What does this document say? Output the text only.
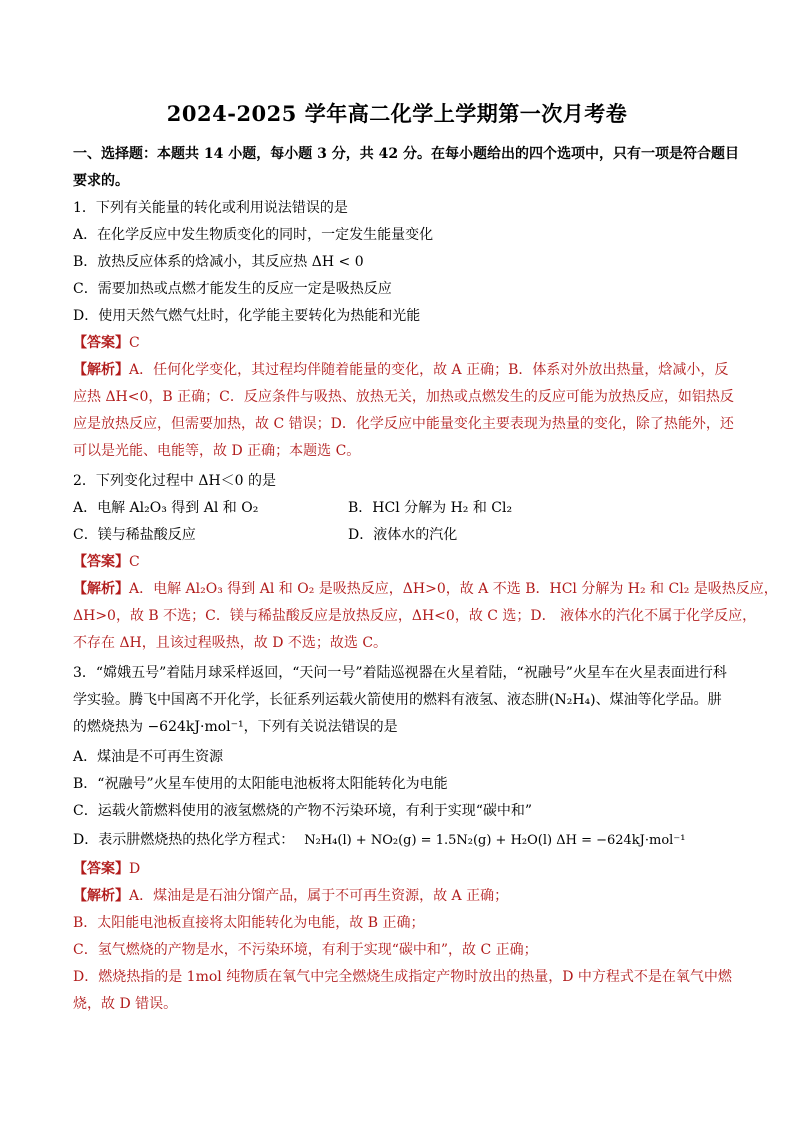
2024-2025 学年高二化学上学期第一次月考卷
一、选择题：本题共 14 小题，每小题 3 分，共 42 分。在每小题给出的四个选项中，只有一项是符合题目
要求的。
1．下列有关能量的转化或利用说法错误的是
A．在化学反应中发生物质变化的同时，一定发生能量变化
B．放热反应体系的焓减小，其反应热 ΔH < 0
C．需要加热或点燃才能发生的反应一定是吸热反应
D．使用天然气燃气灶时，化学能主要转化为热能和光能
【答案】C
【解析】A．任何化学变化，其过程均伴随着能量的变化，故 A 正确；B．体系对外放出热量，焓减小，反
应热 ΔH<0，B 正确；C．反应条件与吸热、放热无关，加热或点燃发生的反应可能为放热反应，如铝热反
应是放热反应，但需要加热，故 C 错误；D．化学反应中能量变化主要表现为热量的变化，除了热能外，还
可以是光能、电能等，故 D 正确；本题选 C。
2．下列变化过程中 ΔH＜0 的是
A．电解 Al₂O₃ 得到 Al 和 O₂	B．HCl 分解为 H₂ 和 Cl₂
C．镁与稀盐酸反应	D．液体水的汽化
【答案】C
【解析】A．电解 Al₂O₃ 得到 Al 和 O₂ 是吸热反应，ΔH>0，故 A 不选 B．HCl 分解为 H₂ 和 Cl₂ 是吸热反应，
ΔH>0，故 B 不选；C．镁与稀盐酸反应是放热反应，ΔH<0，故 C 选；D． 液体水的汽化不属于化学反应，
不存在 ΔH，且该过程吸热，故 D 不选；故选 C。
3．“嫦娥五号”着陆月球采样返回，“天问一号”着陆巡视器在火星着陆，“祝融号”火星车在火星表面进行科
学实验。腾飞中国离不开化学，长征系列运载火箭使用的燃料有液氢、液态肼(N₂H₄)、煤油等化学品。肼
的燃烧热为 −624kJ·mol⁻¹，下列有关说法错误的是
A．煤油是不可再生资源
B．“祝融号”火星车使用的太阳能电池板将太阳能转化为电能
C．运载火箭燃料使用的液氢燃烧的产物不污染环境，有利于实现“碳中和”
D．表示肼燃烧热的热化学方程式： N₂H₄(l) + NO₂(g) = 1.5N₂(g) + H₂O(l) ΔH = −624kJ·mol⁻¹
【答案】D
【解析】A．煤油是是石油分馏产品，属于不可再生资源，故 A 正确；
B．太阳能电池板直接将太阳能转化为电能，故 B 正确；
C．氢气燃烧的产物是水，不污染环境，有利于实现“碳中和”，故 C 正确；
D．燃烧热指的是 1mol 纯物质在氧气中完全燃烧生成指定产物时放出的热量，D 中方程式不是在氧气中燃
烧，故 D 错误。
